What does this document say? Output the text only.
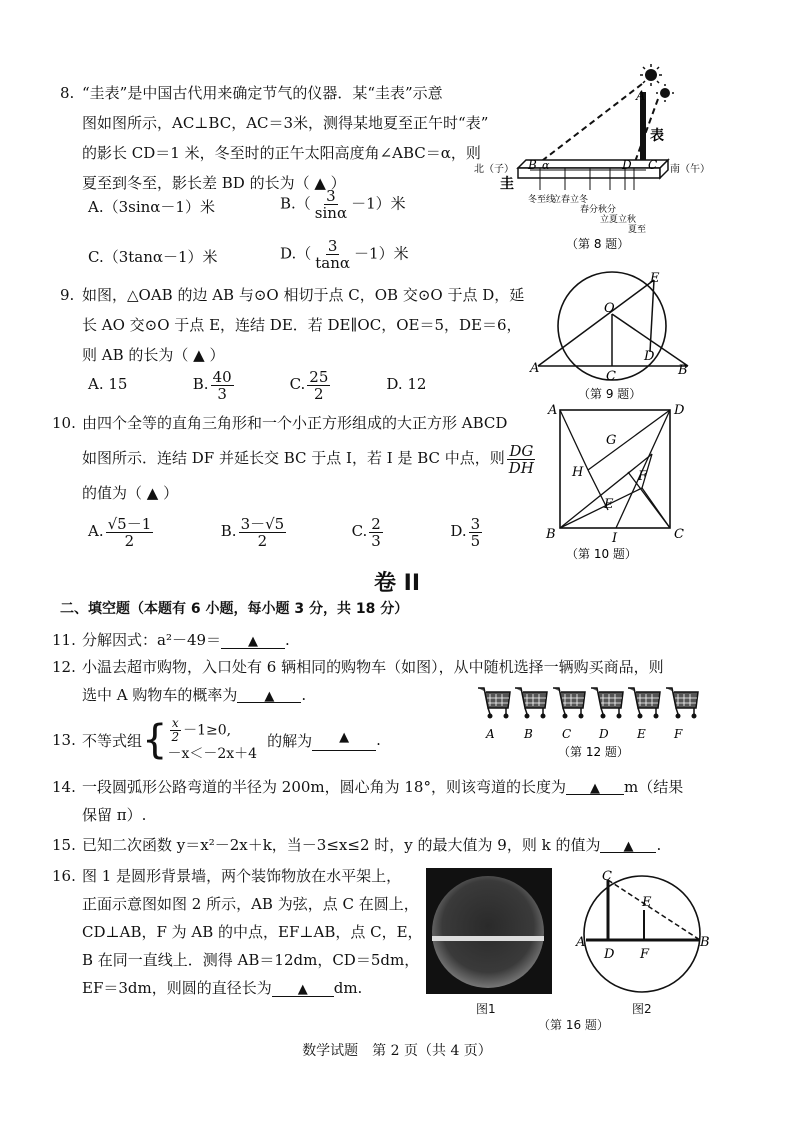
8. “圭表”是中国古代用来确定节气的仪器．某“圭表”示意
图如图所示，AC⊥BC，AC＝3米，测得某地夏至正午时“表”
的影长 CD＝1 米，冬至时的正午太阳高度角∠ABC＝α，则
夏至到冬至，影长差 BD 的长为（ ▲ ）
A.（3sinα－1）米	$B.( \frac{3}{\sin\alpha} -1)$米
C.（3tanα－1）米	$D.( \frac{3}{\tan\alpha} -1)$米
A
B	C
D
α
表
圭
北（子）	南（午）
冬至线
立春立冬
春分秋分
立夏立秋
夏至
（第 8 题）
9. 如图，△OAB 的边 AB 与⊙O 相切于点 C，OB 交⊙O 于点 D，延
长 AO 交⊙O 于点 E，连结 DE．若 DE∥OC，OE＝5，DE＝6，
则 AB 的长为（ ▲ ）
A. 15	B. $\frac{40}{3}$	C. $\frac{25}{2}$	D. 12
O
E
D
A	B
C
（第 9 题）
10. 由四个全等的直角三角形和一个小正方形组成的大正方形 ABCD
如图所示．连结 DF 并延长交 BC 于点 I，若 I 是 BC 中点，则 $\frac{DG}{DH}$
的值为（ ▲ ）
A. $\frac{√5-1}{2}$	B. $\frac{3-√5}{2}$	C. $\frac{2}{3}$	D. $\frac{3}{5}$
A	D
B	C
G
H	F
E
I
（第 10 题）
卷 II
二、填空题（本题有 6 小题，每小题 3 分，共 18 分）
11. 分解因式：a²－49＝ ▲ .
12. 小温去超市购物，入口处有 6 辆相同的购物车（如图），从中随机选择一辆购买商品，则
选中 A 购物车的概率为 ▲ .
A B C D E F
（第 12 题）
13. 不等式组 { $\frac{x}{2} -1\ge 0$,
－x＜－2x＋4
的解为	▲	.
14. 一段圆弧形公路弯道的半径为 200m，圆心角为 18°，则该弯道的长度为 ▲ m（结果
保留 π）.
15. 已知二次函数 y＝x²－2x＋k，当－3≤x≤2 时，y 的最大值为 9，则 k 的值为 ▲ .
16. 图 1 是圆形背景墙，两个装饰物放在水平架上，
正面示意图如图 2 所示，AB 为弦，点 C 在圆上，
CD⊥AB，F 为 AB 的中点，EF⊥AB，点 C，E，
B 在同一直线上．测得 AB＝12dm，CD＝5dm，
EF＝3dm，则圆的直径长为 ▲ dm.
图1
C
E
A
D F
B
图2
（第 16 题）
数学试题　第 2 页（共 4 页）
